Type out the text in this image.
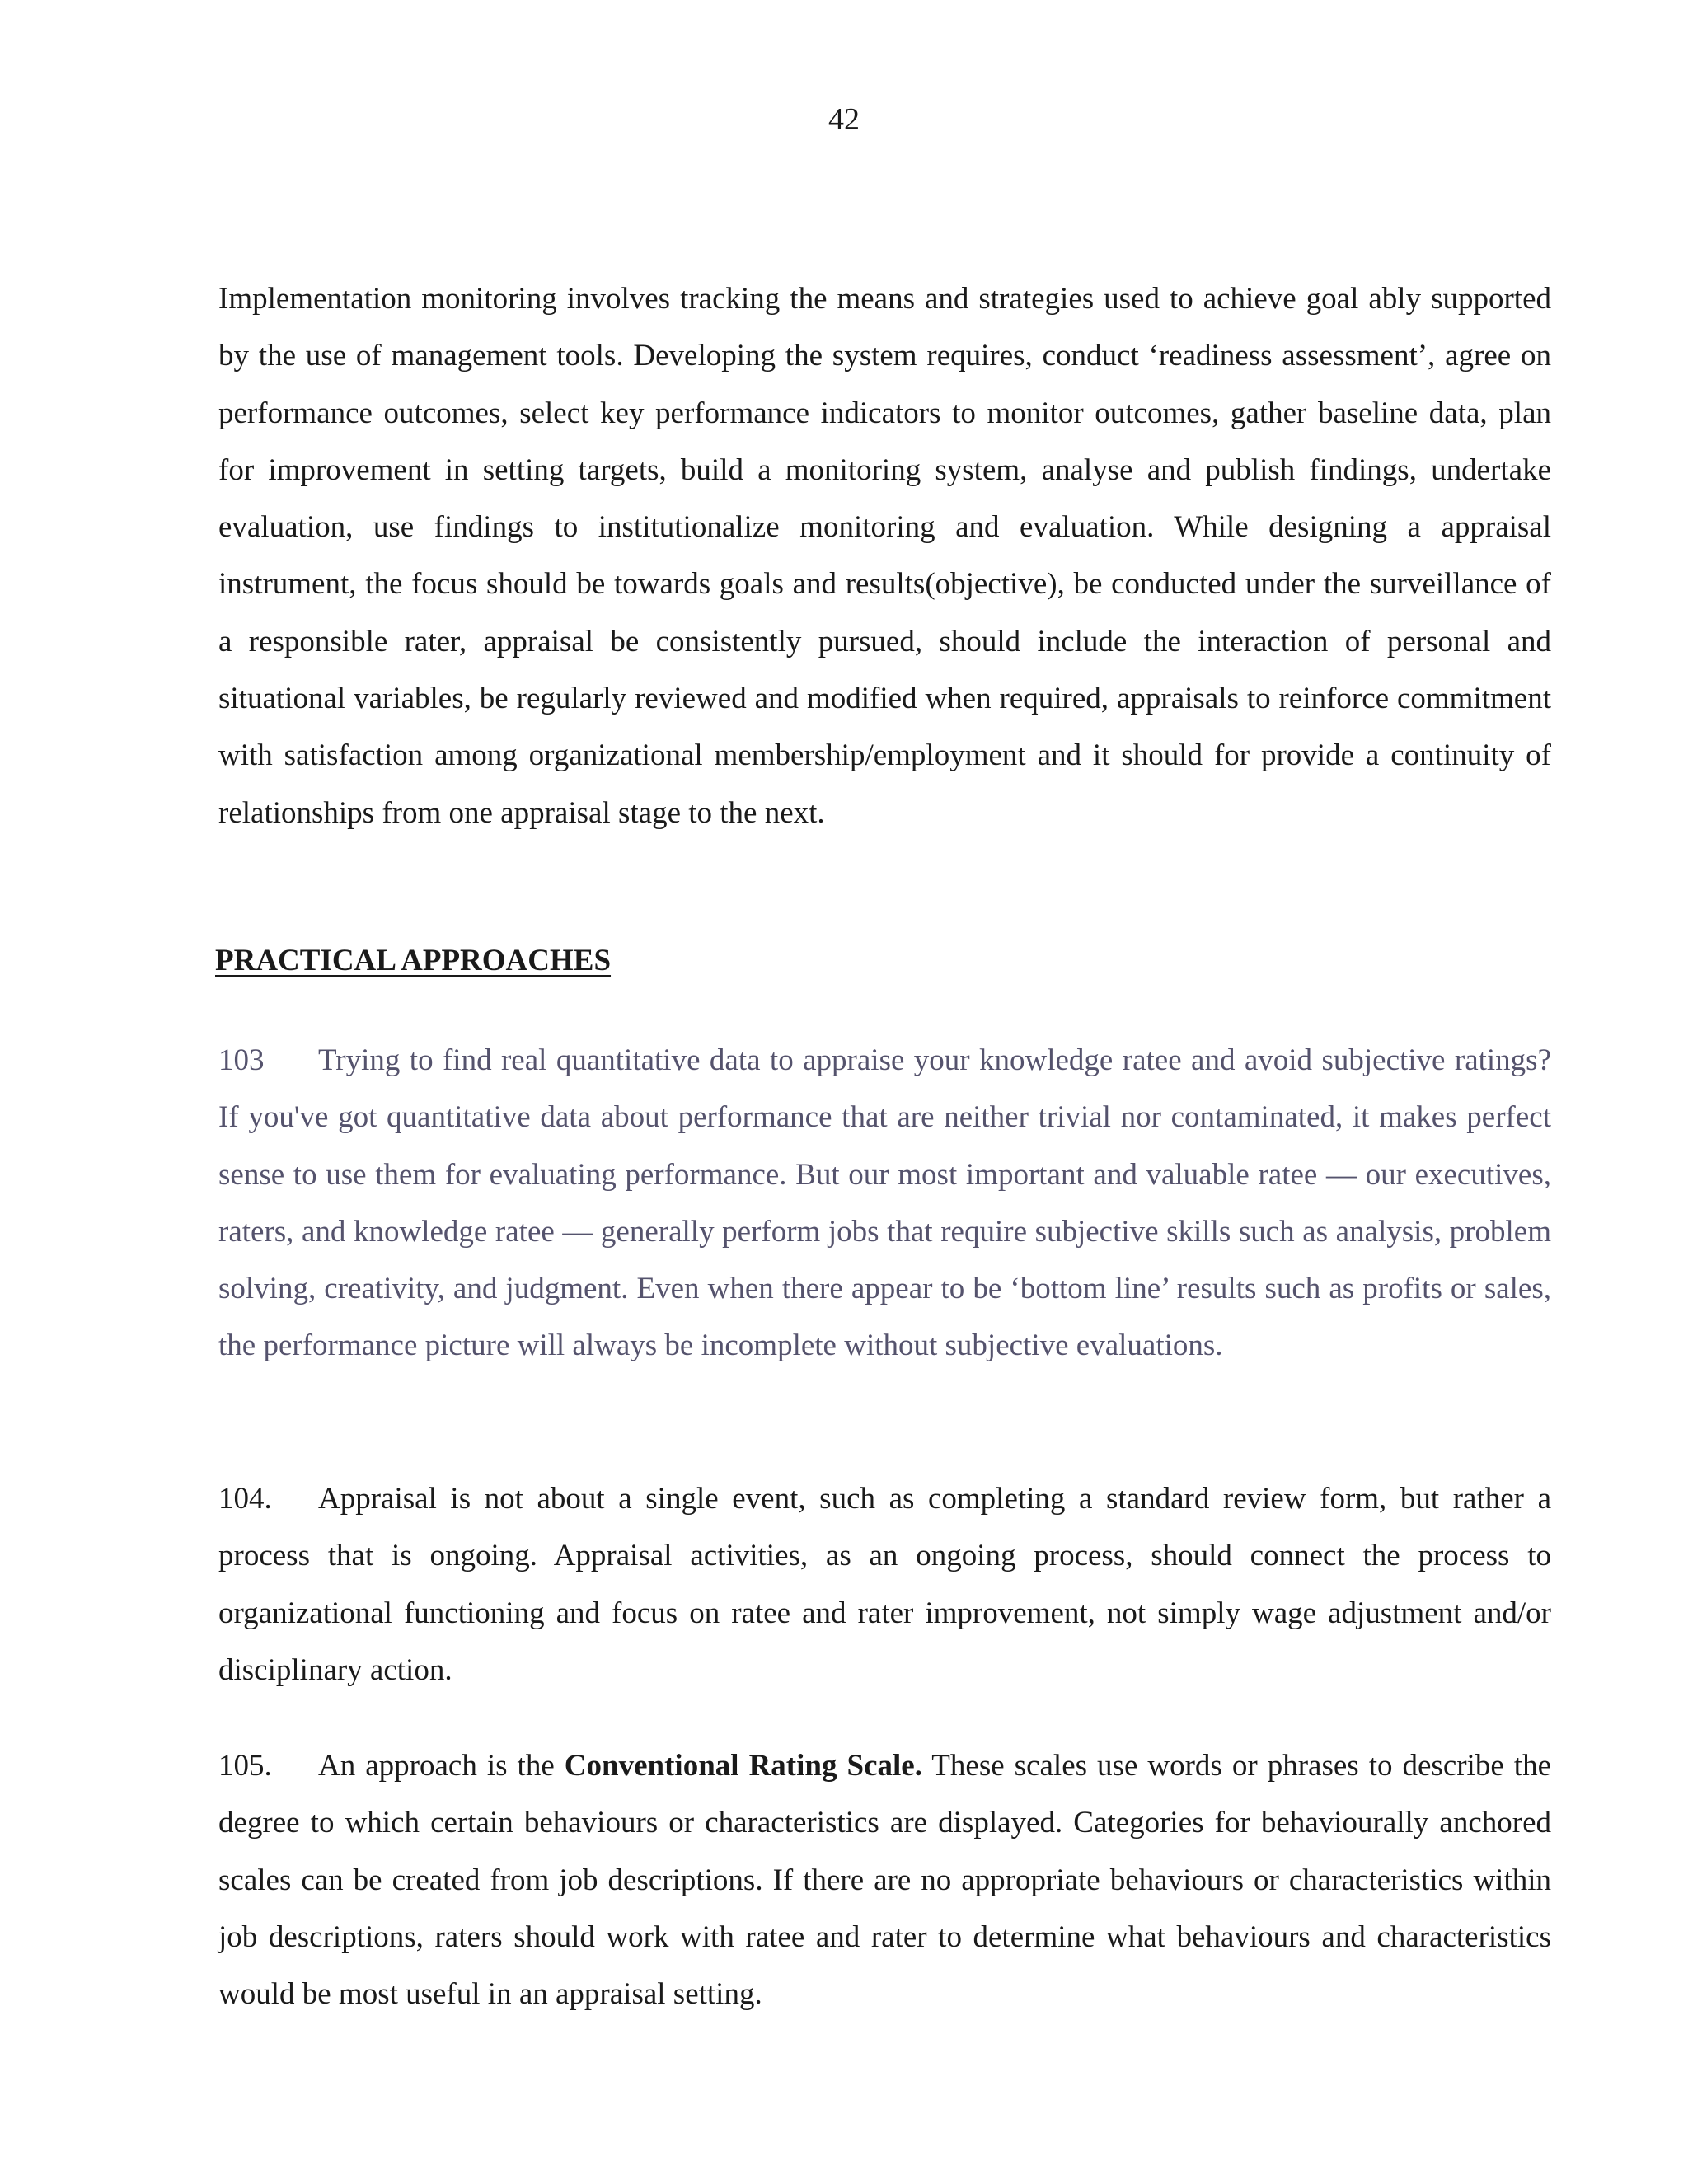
42

Implementation monitoring involves tracking the means and strategies used to achieve goal ably supported by the use of management tools. Developing the system requires, conduct ‘readiness assessment’, agree on performance outcomes, select key performance indicators to monitor outcomes, gather baseline data, plan for improvement in setting targets, build a monitoring system, analyse and publish findings, undertake evaluation, use findings to institutionalize monitoring and evaluation. While designing a appraisal instrument, the focus should be towards goals and results(objective), be conducted under the surveillance of a responsible rater, appraisal be consistently pursued, should include the interaction of personal and situational variables, be regularly reviewed and modified when required, appraisals to reinforce commitment with satisfaction among organizational membership/employment and it should for provide a continuity of relationships from one appraisal stage to the next.

PRACTICAL APPROACHES

103 Trying to find real quantitative data to appraise your knowledge ratee and avoid subjective ratings? If you've got quantitative data about performance that are neither trivial nor contaminated, it makes perfect sense to use them for evaluating performance. But our most important and valuable ratee — our executives, raters, and knowledge ratee — generally perform jobs that require subjective skills such as analysis, problem solving, creativity, and judgment. Even when there appear to be ‘bottom line’ results such as profits or sales, the performance picture will always be incomplete without subjective evaluations.

104. Appraisal is not about a single event, such as completing a standard review form, but rather a process that is ongoing. Appraisal activities, as an ongoing process, should connect the process to organizational functioning and focus on ratee and rater improvement, not simply wage adjustment and/or disciplinary action.

105. An approach is the Conventional Rating Scale. These scales use words or phrases to describe the degree to which certain behaviours or characteristics are displayed. Categories for behaviourally anchored scales can be created from job descriptions. If there are no appropriate behaviours or characteristics within job descriptions, raters should work with ratee and rater to determine what behaviours and characteristics would be most useful in an appraisal setting.
